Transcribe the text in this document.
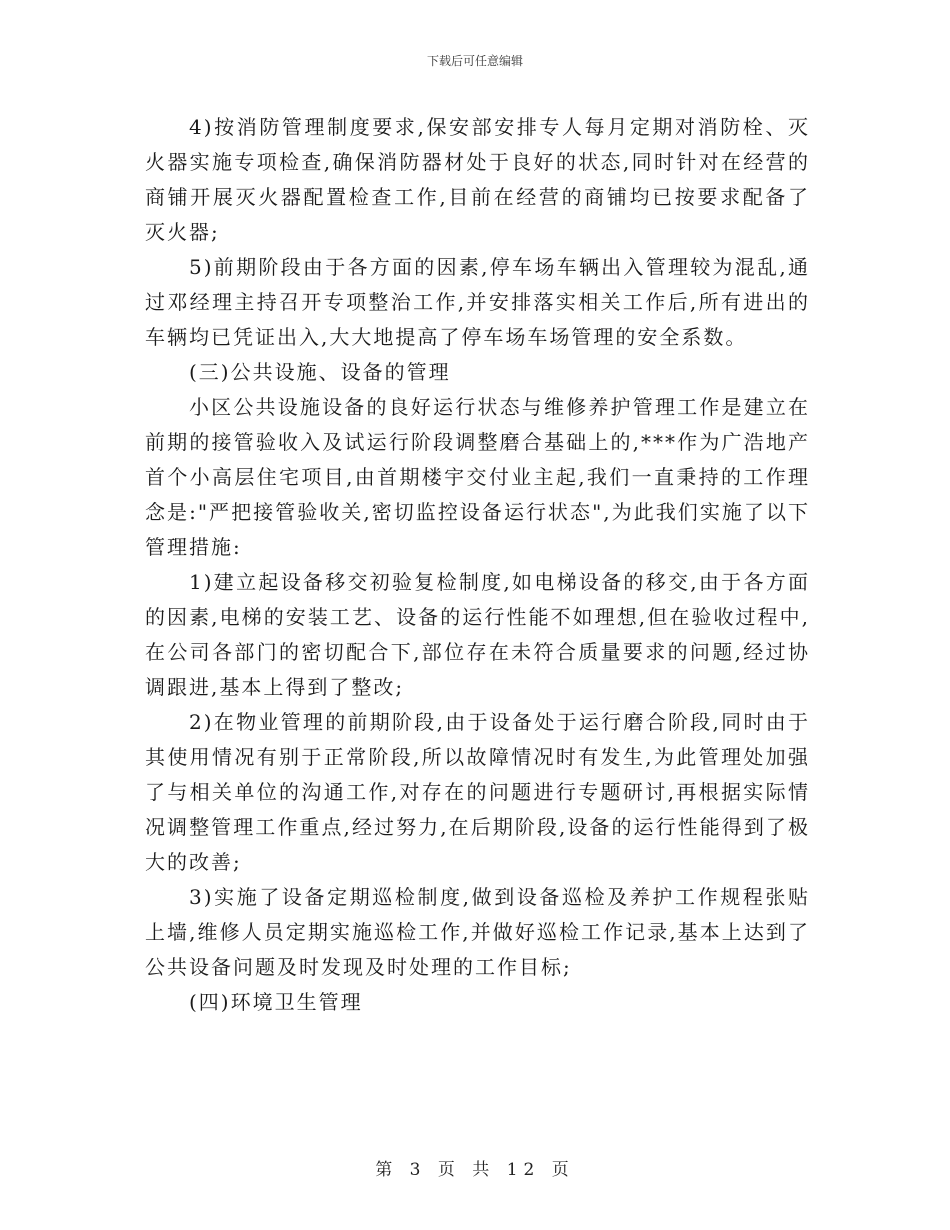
下载后可任意编辑

4)按消防管理制度要求,保安部安排专人每月定期对消防栓、灭火器实施专项检查,确保消防器材处于良好的状态,同时针对在经营的商铺开展灭火器配置检查工作,目前在经营的商铺均已按要求配备了灭火器;

5)前期阶段由于各方面的因素,停车场车辆出入管理较为混乱,通过邓经理主持召开专项整治工作,并安排落实相关工作后,所有进出的车辆均已凭证出入,大大地提高了停车场车场管理的安全系数。

(三)公共设施、设备的管理

小区公共设施设备的良好运行状态与维修养护管理工作是建立在前期的接管验收入及试运行阶段调整磨合基础上的,***作为广浩地产首个小高层住宅项目,由首期楼宇交付业主起,我们一直秉持的工作理念是:"严把接管验收关,密切监控设备运行状态",为此我们实施了以下管理措施:

1)建立起设备移交初验复检制度,如电梯设备的移交,由于各方面的因素,电梯的安装工艺、设备的运行性能不如理想,但在验收过程中,在公司各部门的密切配合下,部位存在未符合质量要求的问题,经过协调跟进,基本上得到了整改;

2)在物业管理的前期阶段,由于设备处于运行磨合阶段,同时由于其使用情况有别于正常阶段,所以故障情况时有发生,为此管理处加强了与相关单位的沟通工作,对存在的问题进行专题研讨,再根据实际情况调整管理工作重点,经过努力,在后期阶段,设备的运行性能得到了极大的改善;

3)实施了设备定期巡检制度,做到设备巡检及养护工作规程张贴上墙,维修人员定期实施巡检工作,并做好巡检工作记录,基本上达到了公共设备问题及时发现及时处理的工作目标;

(四)环境卫生管理

第 3 页 共 12 页
